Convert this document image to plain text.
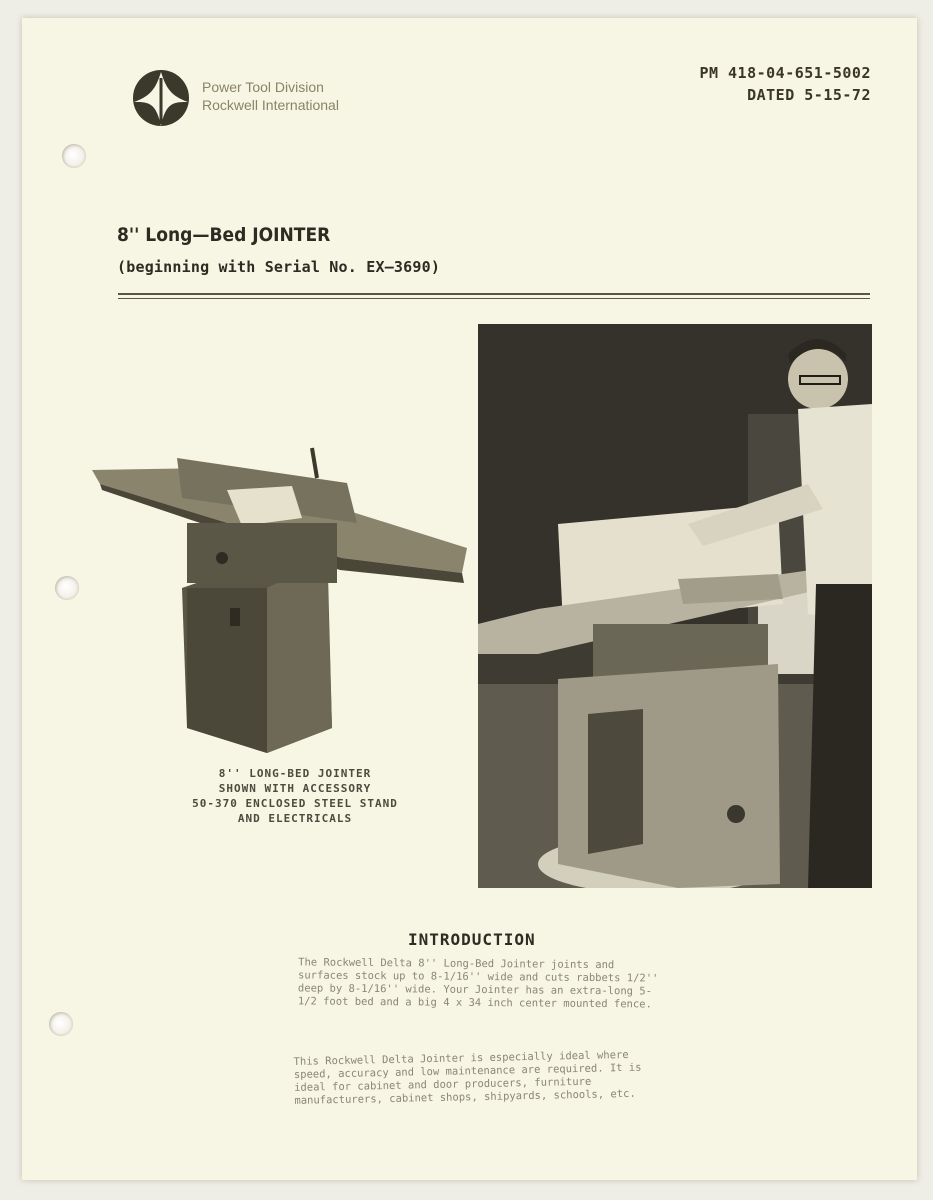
Power Tool Division
Rockwell International
PM 418-04-651-5002
DATED 5-15-72
8'' Long—Bed JOINTER
(beginning with Serial No. EX—3690)
8'' LONG-BED JOINTER
SHOWN WITH ACCESSORY
50-370 ENCLOSED STEEL STAND
AND ELECTRICALS
INTRODUCTION
The Rockwell Delta 8'' Long-Bed Jointer joints and surfaces stock up to 8-1/16'' wide and cuts rabbets 1/2'' deep by 8-1/16'' wide. Your Jointer has an extra-long 5-1/2 foot bed and a big 4 x 34 inch center mounted fence.
This Rockwell Delta Jointer is especially ideal where speed, accuracy and low maintenance are required. It is ideal for cabinet and door producers, furniture manufacturers, cabinet shops, shipyards, schools, etc.
